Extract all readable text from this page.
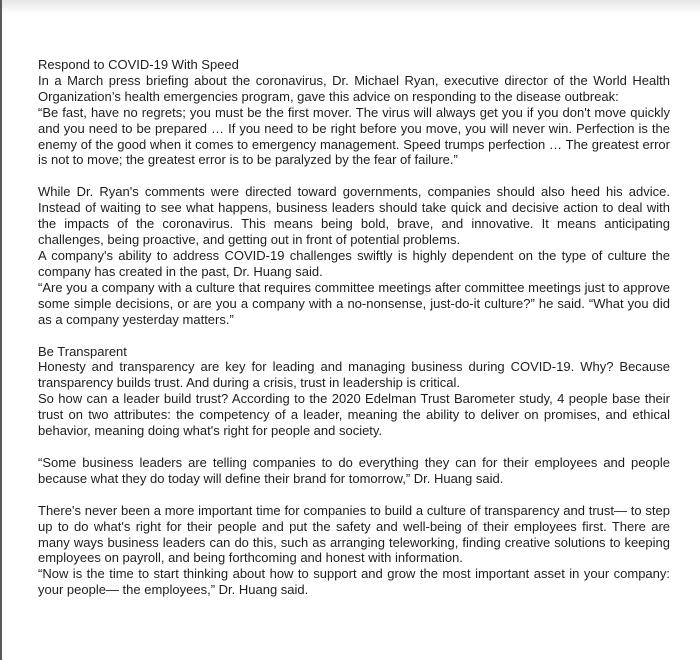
Respond to COVID-19 With Speed

In a March press briefing about the coronavirus, Dr. Michael Ryan, executive director of the World Health Organization’s health emergencies program, gave this advice on responding to the disease outbreak:

“Be fast, have no regrets; you must be the first mover. The virus will always get you if you don't move quickly and you need to be prepared … If you need to be right before you move, you will never win. Perfection is the enemy of the good when it comes to emergency management. Speed trumps perfection … The greatest error is not to move; the greatest error is to be paralyzed by the fear of failure.”

While Dr. Ryan's comments were directed toward governments, companies should also heed his advice. Instead of waiting to see what happens, business leaders should take quick and decisive action to deal with the impacts of the coronavirus. This means being bold, brave, and innovative. It means anticipating challenges, being proactive, and getting out in front of potential problems.

A company's ability to address COVID-19 challenges swiftly is highly dependent on the type of culture the company has created in the past, Dr. Huang said.

“Are you a company with a culture that requires committee meetings after committee meetings just to approve some simple decisions, or are you a company with a no-nonsense, just-do-it culture?” he said. “What you did as a company yesterday matters.”

Be Transparent

Honesty and transparency are key for leading and managing business during COVID-19. Why? Because transparency builds trust. And during a crisis, trust in leadership is critical.

So how can a leader build trust? According to the 2020 Edelman Trust Barometer study, 4 people base their trust on two attributes: the competency of a leader, meaning the ability to deliver on promises, and ethical behavior, meaning doing what's right for people and society.

“Some business leaders are telling companies to do everything they can for their employees and people because what they do today will define their brand for tomorrow,” Dr. Huang said.

There's never been a more important time for companies to build a culture of transparency and trust— to step up to do what's right for their people and put the safety and well-being of their employees first. There are many ways business leaders can do this, such as arranging teleworking, finding creative solutions to keeping employees on payroll, and being forthcoming and honest with information.

“Now is the time to start thinking about how to support and grow the most important asset in your company: your people— the employees,” Dr. Huang said.
